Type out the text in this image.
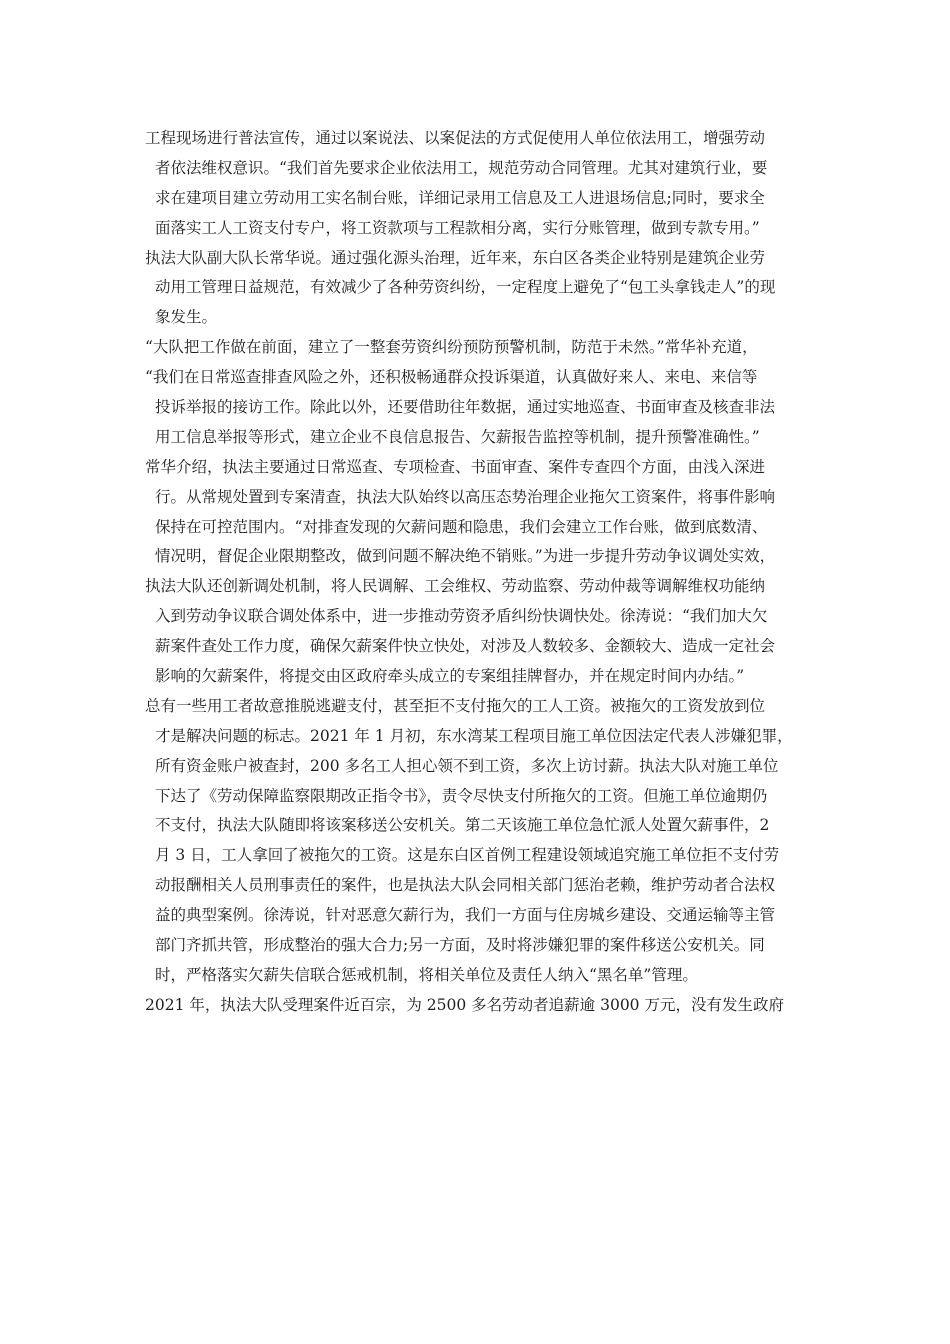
工程现场进行普法宣传，通过以案说法、以案促法的方式促使用人单位依法用工，增强劳动
者依法维权意识。“我们首先要求企业依法用工，规范劳动合同管理。尤其对建筑行业，要
求在建项目建立劳动用工实名制台账，详细记录用工信息及工人进退场信息;同时，要求全
面落实工人工资支付专户，将工资款项与工程款相分离，实行分账管理，做到专款专用。”
执法大队副大队长常华说。通过强化源头治理，近年来，东白区各类企业特别是建筑企业劳
动用工管理日益规范，有效减少了各种劳资纠纷，一定程度上避免了“包工头拿钱走人”的现
象发生。
“大队把工作做在前面，建立了一整套劳资纠纷预防预警机制，防范于未然。”常华补充道，
“我们在日常巡查排查风险之外，还积极畅通群众投诉渠道，认真做好来人、来电、来信等
投诉举报的接访工作。除此以外，还要借助往年数据，通过实地巡查、书面审查及核查非法
用工信息举报等形式，建立企业不良信息报告、欠薪报告监控等机制，提升预警准确性。”
常华介绍，执法主要通过日常巡查、专项检查、书面审查、案件专查四个方面，由浅入深进
行。从常规处置到专案清查，执法大队始终以高压态势治理企业拖欠工资案件，将事件影响
保持在可控范围内。“对排查发现的欠薪问题和隐患，我们会建立工作台账，做到底数清、
情况明，督促企业限期整改，做到问题不解决绝不销账。”为进一步提升劳动争议调处实效，
执法大队还创新调处机制，将人民调解、工会维权、劳动监察、劳动仲裁等调解维权功能纳
入到劳动争议联合调处体系中，进一步推动劳资矛盾纠纷快调快处。徐涛说：“我们加大欠
薪案件查处工作力度，确保欠薪案件快立快处，对涉及人数较多、金额较大、造成一定社会
影响的欠薪案件，将提交由区政府牵头成立的专案组挂牌督办，并在规定时间内办结。”
总有一些用工者故意推脱逃避支付，甚至拒不支付拖欠的工人工资。被拖欠的工资发放到位
才是解决问题的标志。2021 年 1 月初，东水湾某工程项目施工单位因法定代表人涉嫌犯罪，
所有资金账户被查封，200 多名工人担心领不到工资，多次上访讨薪。执法大队对施工单位
下达了《劳动保障监察限期改正指令书》，责令尽快支付所拖欠的工资。但施工单位逾期仍
不支付，执法大队随即将该案移送公安机关。第二天该施工单位急忙派人处置欠薪事件，2
月 3 日，工人拿回了被拖欠的工资。这是东白区首例工程建设领域追究施工单位拒不支付劳
动报酬相关人员刑事责任的案件，也是执法大队会同相关部门惩治老赖，维护劳动者合法权
益的典型案例。徐涛说，针对恶意欠薪行为，我们一方面与住房城乡建设、交通运输等主管
部门齐抓共管，形成整治的强大合力;另一方面，及时将涉嫌犯罪的案件移送公安机关。同
时，严格落实欠薪失信联合惩戒机制，将相关单位及责任人纳入“黑名单”管理。
2021 年，执法大队受理案件近百宗，为 2500 多名劳动者追薪逾 3000 万元，没有发生政府
